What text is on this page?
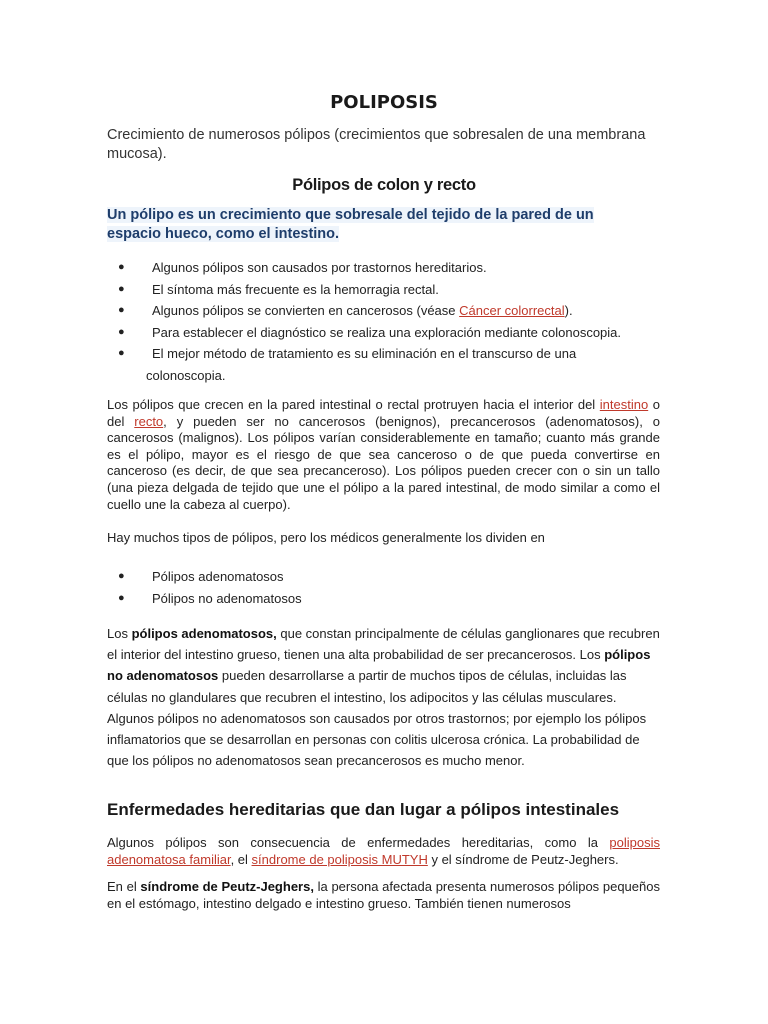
POLIPOSIS
Crecimiento de numerosos pólipos (crecimientos que sobresalen de una membrana mucosa).
Pólipos de colon y recto
Un pólipo es un crecimiento que sobresale del tejido de la pared de un espacio hueco, como el intestino.
● Algunos pólipos son causados por trastornos hereditarios.
● El síntoma más frecuente es la hemorragia rectal.
● Algunos pólipos se convierten en cancerosos (véase Cáncer colorrectal).
● Para establecer el diagnóstico se realiza una exploración mediante colonoscopia.
● El mejor método de tratamiento es su eliminación en el transcurso de una
colonoscopia.
Los pólipos que crecen en la pared intestinal o rectal protruyen hacia el interior del intestino o del recto, y pueden ser no cancerosos (benignos), precancerosos (adenomatosos), o cancerosos (malignos). Los pólipos varían considerablemente en tamaño; cuanto más grande es el pólipo, mayor es el riesgo de que sea canceroso o de que pueda convertirse en canceroso (es decir, de que sea precanceroso). Los pólipos pueden crecer con o sin un tallo (una pieza delgada de tejido que une el pólipo a la pared intestinal, de modo similar a como el cuello une la cabeza al cuerpo).
Hay muchos tipos de pólipos, pero los médicos generalmente los dividen en
● Pólipos adenomatosos
● Pólipos no adenomatosos
Los pólipos adenomatosos, que constan principalmente de células ganglionares que recubren el interior del intestino grueso, tienen una alta probabilidad de ser precancerosos. Los pólipos no adenomatosos pueden desarrollarse a partir de muchos tipos de células, incluidas las células no glandulares que recubren el intestino, los adipocitos y las células musculares. Algunos pólipos no adenomatosos son causados por otros trastornos; por ejemplo los pólipos inflamatorios que se desarrollan en personas con colitis ulcerosa crónica. La probabilidad de que los pólipos no adenomatosos sean precancerosos es mucho menor.
Enfermedades hereditarias que dan lugar a pólipos intestinales
Algunos pólipos son consecuencia de enfermedades hereditarias, como la poliposis adenomatosa familiar, el síndrome de poliposis MUTYH y el síndrome de Peutz-Jeghers.
En el síndrome de Peutz-Jeghers, la persona afectada presenta numerosos pólipos pequeños en el estómago, intestino delgado e intestino grueso. También tienen numerosos
